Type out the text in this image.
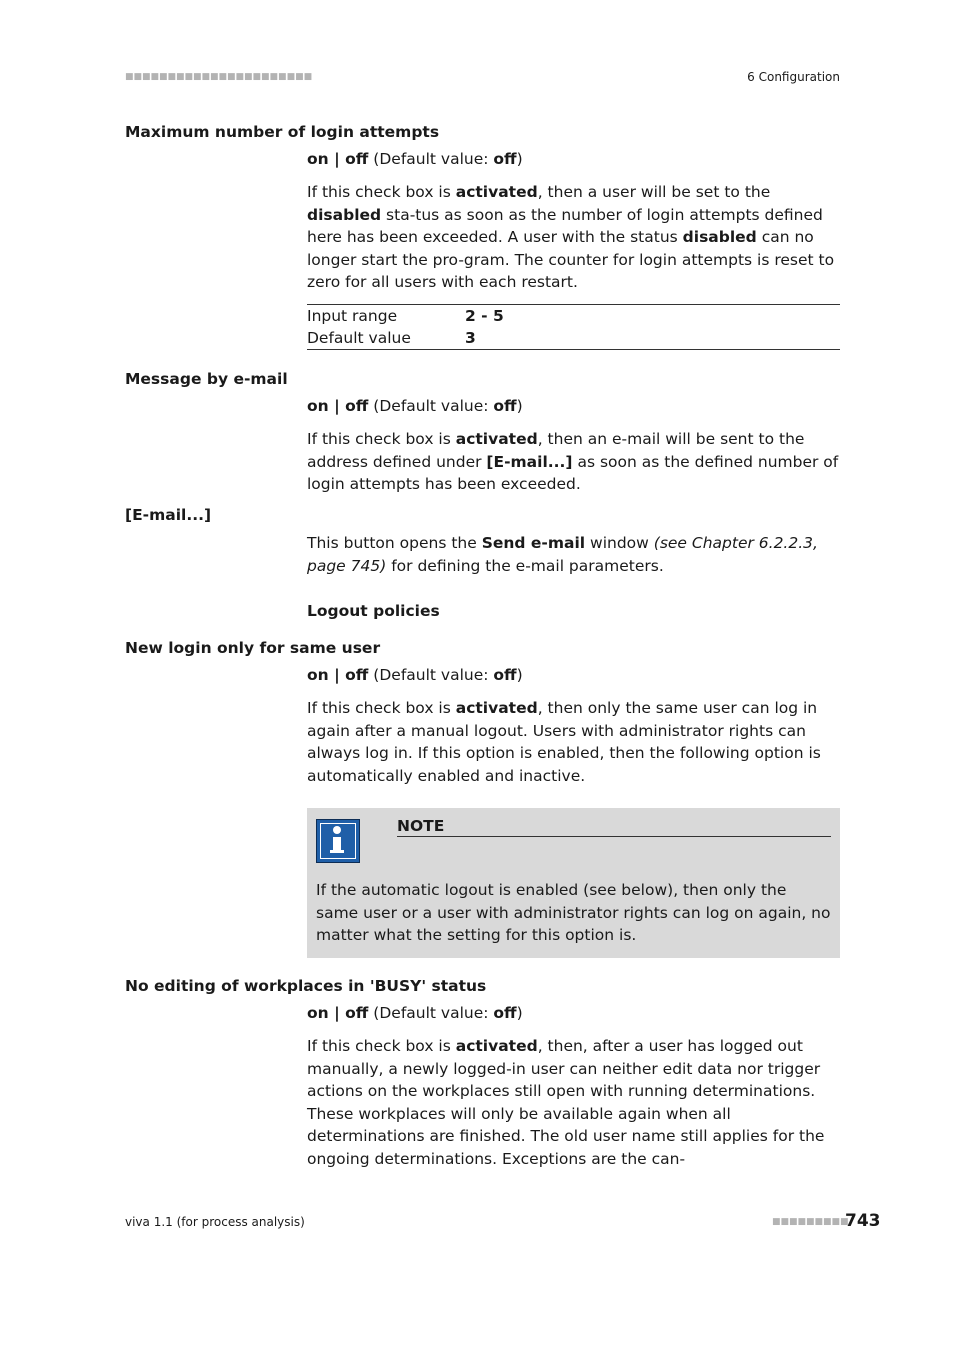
■■■■■■■■■■■■■■■■■■■■■■	6 Configuration
Maximum number of login attempts
on | off (Default value: off)
If this check box is activated, then a user will be set to the disabled sta-tus as soon as the number of login attempts defined here has been exceeded. A user with the status disabled can no longer start the pro-gram. The counter for login attempts is reset to zero for all users with each restart.
Input range	2 - 5
Default value	3
Message by e-mail
on | off (Default value: off)
If this check box is activated, then an e-mail will be sent to the address defined under [E-mail...] as soon as the defined number of login attempts has been exceeded.
[E-mail...]
This button opens the Send e-mail window (see Chapter 6.2.2.3, page 745) for defining the e-mail parameters.
Logout policies
New login only for same user
on | off (Default value: off)
If this check box is activated, then only the same user can log in again after a manual logout. Users with administrator rights can always log in. If this option is enabled, then the following option is automatically enabled and inactive.
NOTE
If the automatic logout is enabled (see below), then only the same user or a user with administrator rights can log on again, no matter what the setting for this option is.
No editing of workplaces in 'BUSY' status
on | off (Default value: off)
If this check box is activated, then, after a user has logged out manually, a newly logged-in user can neither edit data nor trigger actions on the workplaces still open with running determinations. These workplaces will only be available again when all determinations are finished. The old user name still applies for the ongoing determinations. Exceptions are the can-
viva 1.1 (for process analysis)	■■■■■■■■■
743
